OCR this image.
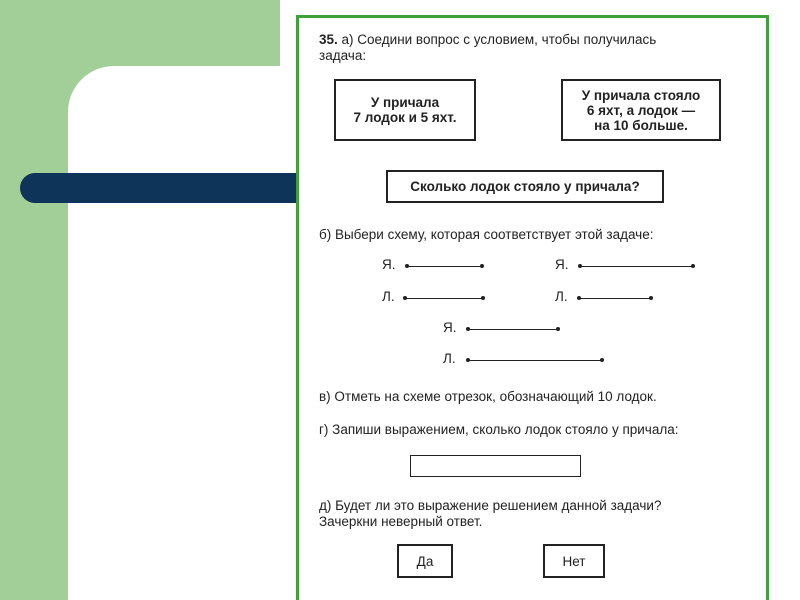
35. а) Соедини вопрос с условием, чтобы получилась
задача:
У причала
7 лодок и 5 яхт.
У причала стояло
6 яхт, а лодок —
на 10 больше.
Сколько лодок стояло у причала?
б) Выбери схему, которая соответствует этой задаче:
Я.
Л.
Я.
Л.
Я.
Л.
в) Отметь на схеме отрезок, обозначающий 10 лодок.
г) Запиши выражением, сколько лодок стояло у причала:
д) Будет ли это выражение решением данной задачи?
Зачеркни неверный ответ.
Да	Нет
